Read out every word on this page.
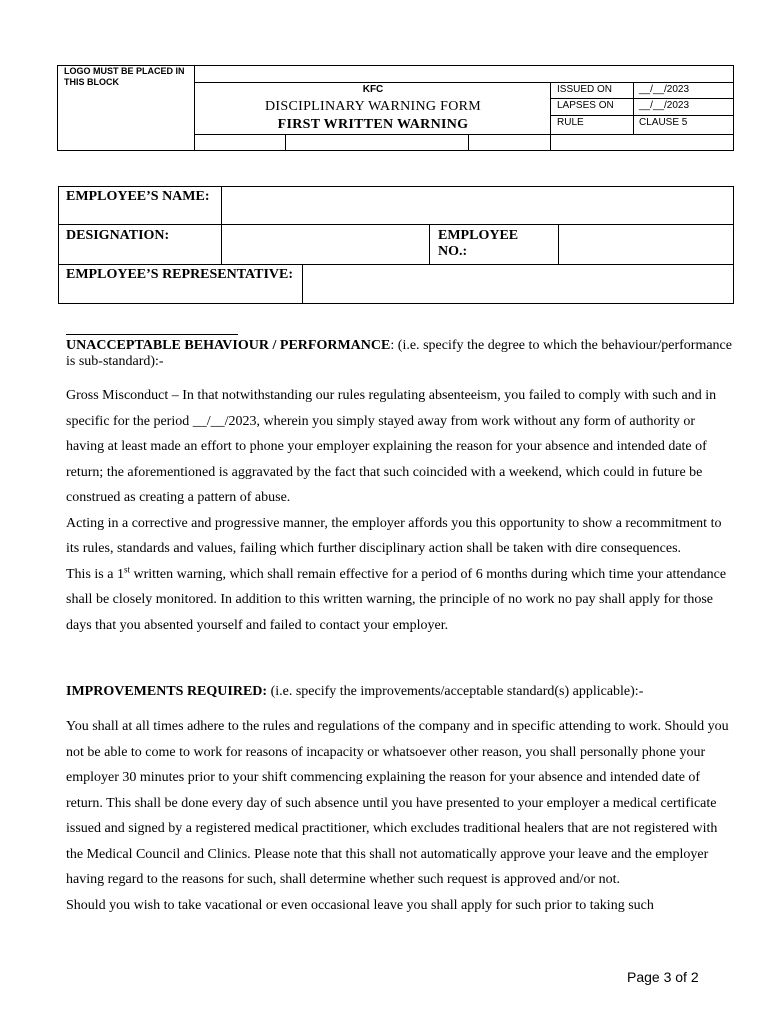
LOGO MUST BE PLACED IN THIS BLOCK
KFC
DISCIPLINARY WARNING FORM
FIRST WRITTEN WARNING
ISSUED ON	__/__/2023
LAPSES ON	__/__/2023
RULE	CLAUSE 5
EMPLOYEE’S NAME:
DESIGNATION:	EMPLOYEE NO.:
EMPLOYEE’S REPRESENTATIVE:
UNACCEPTABLE BEHAVIOUR / PERFORMANCE: (i.e. specify the degree to which the behaviour/performance is sub-standard):-

Gross Misconduct – In that notwithstanding our rules regulating absenteeism, you failed to comply with such and in specific for the period __/__/2023, wherein you simply stayed away from work without any form of authority or having at least made an effort to phone your employer explaining the reason for your absence and intended date of return; the aforementioned is aggravated by the fact that such coincided with a weekend, which could in future be construed as creating a pattern of abuse.

Acting in a corrective and progressive manner, the employer affords you this opportunity to show a recommitment to its rules, standards and values, failing which further disciplinary action shall be taken with dire consequences.

This is a 1st written warning, which shall remain effective for a period of 6 months during which time your attendance shall be closely monitored. In addition to this written warning, the principle of no work no pay shall apply for those days that you absented yourself and failed to contact your employer.

IMPROVEMENTS REQUIRED: (i.e. specify the improvements/acceptable standard(s) applicable):-

You shall at all times adhere to the rules and regulations of the company and in specific attending to work. Should you not be able to come to work for reasons of incapacity or whatsoever other reason, you shall personally phone your employer 30 minutes prior to your shift commencing explaining the reason for your absence and intended date of return. This shall be done every day of such absence until you have presented to your employer a medical certificate issued and signed by a registered medical practitioner, which excludes traditional healers that are not registered with the Medical Council and Clinics. Please note that this shall not automatically approve your leave and the employer having regard to the reasons for such, shall determine whether such request is approved and/or not.

Should you wish to take vacational or even occasional leave you shall apply for such prior to taking such

Page 3 of 2
